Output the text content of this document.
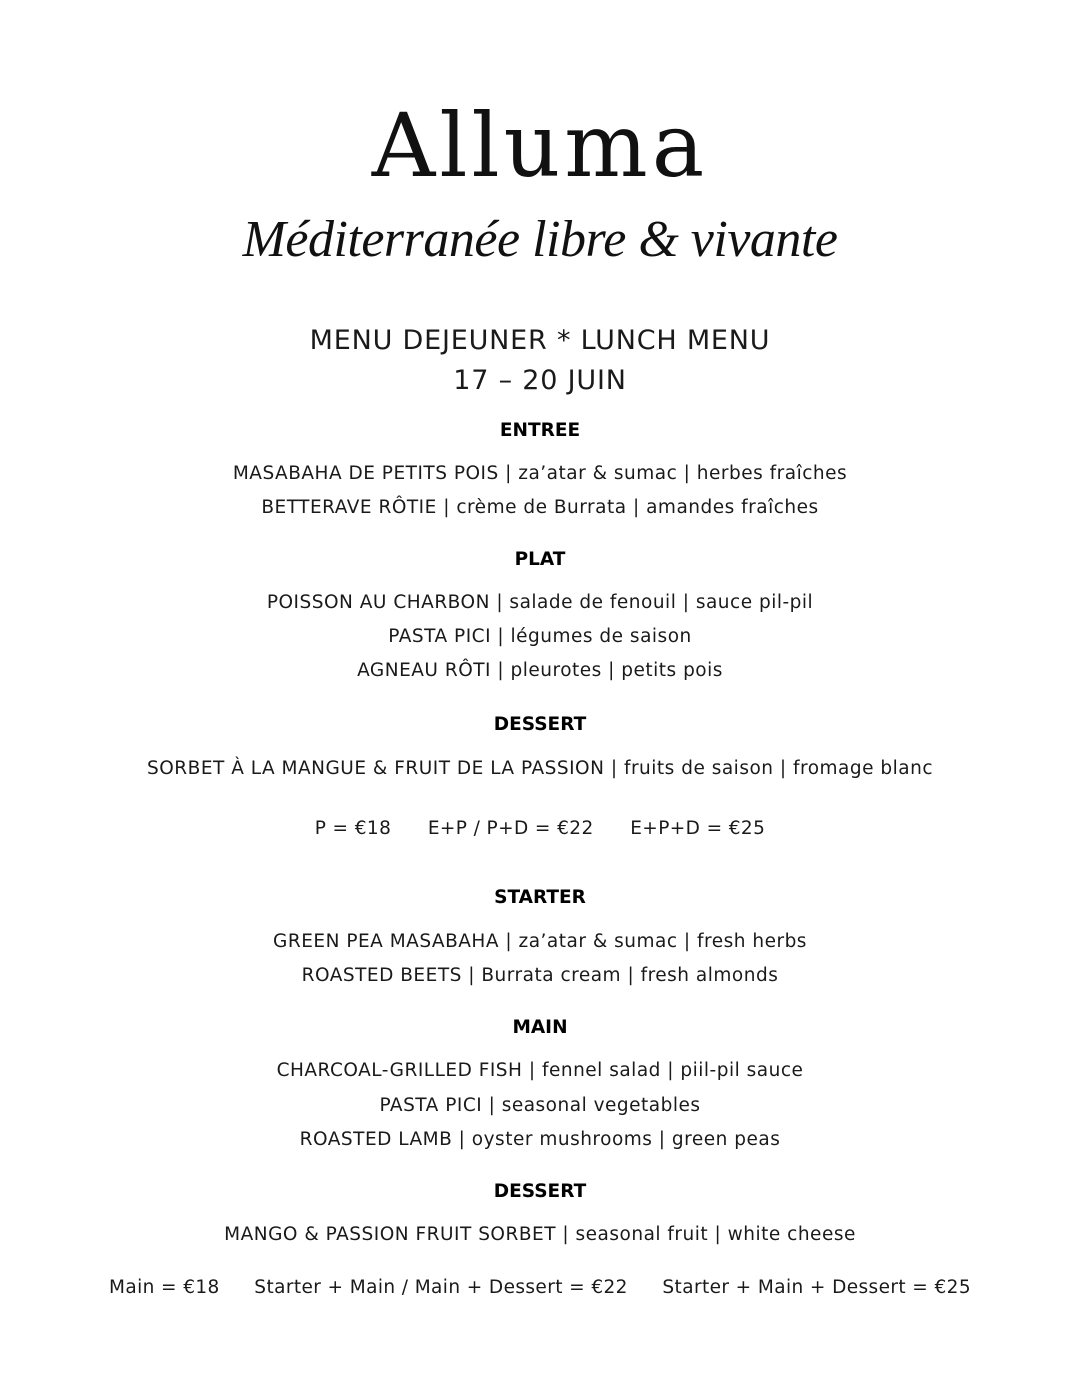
Alluma
Méditerranée libre & vivante
MENU DEJEUNER * LUNCH MENU
17 – 20 JUIN
ENTREE
MASABAHA DE PETITS POIS | za’atar & sumac | herbes fraîches
BETTERAVE RÔTIE | crème de Burrata | amandes fraîches
PLAT
POISSON AU CHARBON | salade de fenouil | sauce pil-pil
PASTA PICI | légumes de saison
AGNEAU RÔTI | pleurotes | petits pois
DESSERT
SORBET À LA MANGUE & FRUIT DE LA PASSION | fruits de saison | fromage blanc
P = €18 E+P / P+D = €22 E+P+D = €25
STARTER
GREEN PEA MASABAHA | za’atar & sumac | fresh herbs
ROASTED BEETS | Burrata cream | fresh almonds
MAIN
CHARCOAL-GRILLED FISH | fennel salad | piil-pil sauce
PASTA PICI | seasonal vegetables
ROASTED LAMB | oyster mushrooms | green peas
DESSERT
MANGO & PASSION FRUIT SORBET | seasonal fruit | white cheese
Main = €18 Starter + Main / Main + Dessert = €22 Starter + Main + Dessert = €25
